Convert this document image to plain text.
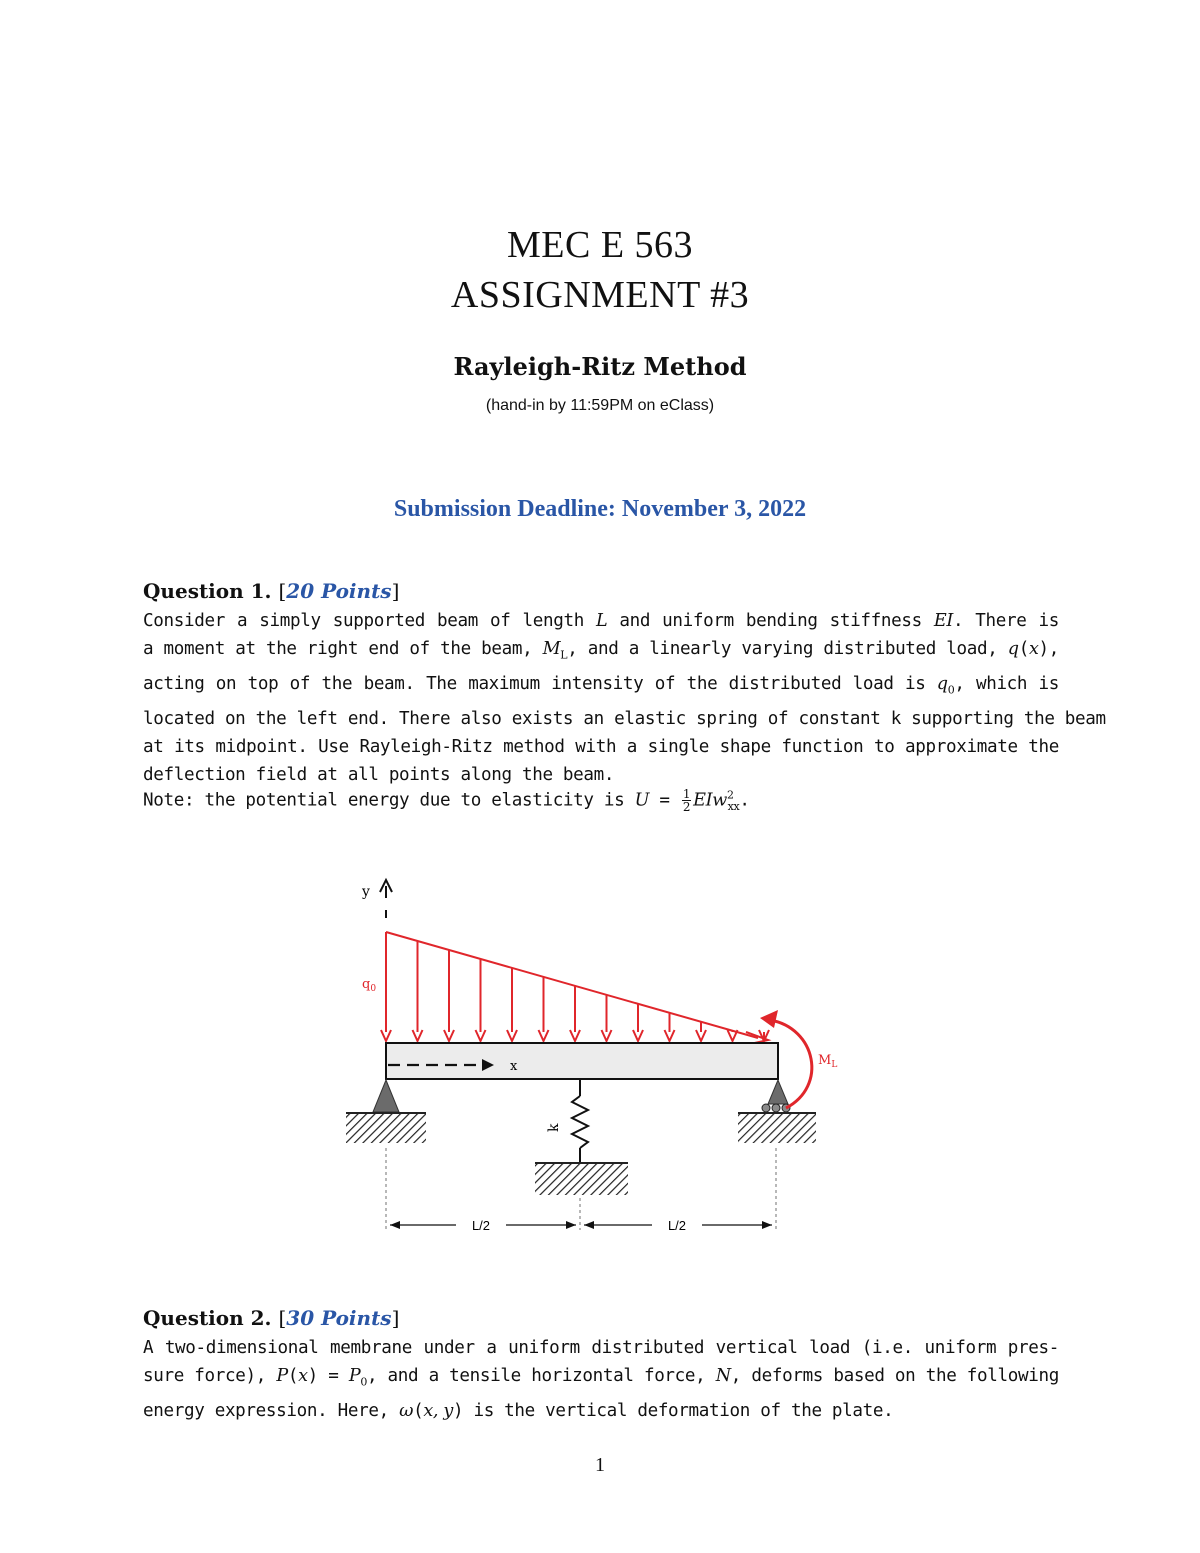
MEC E 563
ASSIGNMENT #3
Rayleigh-Ritz Method
(hand-in by 11:59PM on eClass)
Submission Deadline: November 3, 2022
Question 1. [20 Points]
Consider a simply supported beam of length L and uniform bending stiffness EI. There is
a moment at the right end of the beam, $M_L$, and a linearly varying distributed load, q(x),
acting on top of the beam. The maximum intensity of the distributed load is $q_0$, which is
located on the left end. There also exists an elastic spring of constant k supporting the beam
at its midpoint. Use Rayleigh-Ritz method with a single shape function to approximate the
deflection field at all points along the beam.
Note: the potential energy due to elasticity is $U = \frac{1}{2} EIw^2_{xx}$.
y
$q_0$
x	$M_L$
k
L/2	L/2
Question 2. [30 Points]
A two-dimensional membrane under a uniform distributed vertical load (i.e. uniform pres-
sure force), $P(x) = P_0$, and a tensile horizontal force, N, deforms based on the following
energy expression. Here, ω(x, y) is the vertical deformation of the plate.
1
